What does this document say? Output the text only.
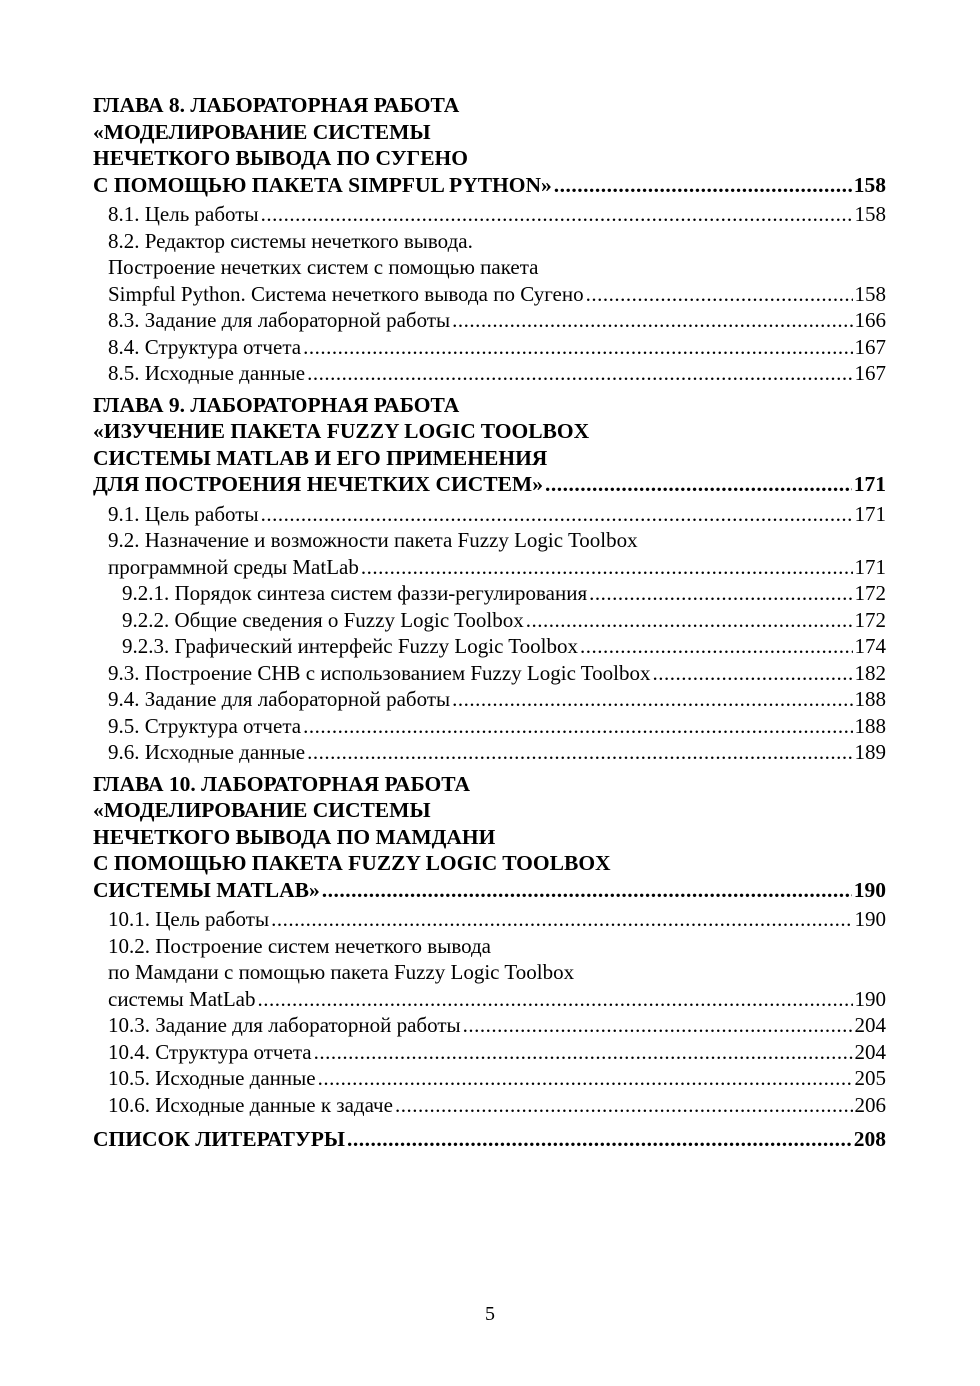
ГЛАВА 8. ЛАБОРАТОРНАЯ РАБОТА
«МОДЕЛИРОВАНИЕ СИСТЕМЫ
НЕЧЕТКОГО ВЫВОДА ПО СУГЕНО
С ПОМОЩЬЮ ПАКЕТА SIMPFUL PYTHON» .....	158
8.1. Цель работы .....	158
8.2. Редактор системы нечеткого вывода.
Построение нечетких систем с помощью пакета
Simpful Python. Система нечеткого вывода по Сугено .....	158
8.3. Задание для лабораторной работы .....	166
8.4. Структура отчета .....	167
8.5. Исходные данные .....	167
ГЛАВА 9. ЛАБОРАТОРНАЯ РАБОТА
«ИЗУЧЕНИЕ ПАКЕТА FUZZY LOGIC TOOLBOX
СИСТЕМЫ MATLAB И ЕГО ПРИМЕНЕНИЯ
ДЛЯ ПОСТРОЕНИЯ НЕЧЕТКИХ СИСТЕМ» .....	171
9.1. Цель работы .....	171
9.2. Назначение и возможности пакета Fuzzy Logic Toolbox
программной среды MatLab .....	171
9.2.1. Порядок синтеза систем фаззи-регулирования .....	172
9.2.2. Общие сведения о Fuzzy Logic Toolbox .....	172
9.2.3. Графический интерфейс Fuzzy Logic Toolbox .....	174
9.3. Построение СНВ с использованием Fuzzy Logic Toolbox .....	182
9.4. Задание для лабораторной работы .....	188
9.5. Структура отчета .....	188
9.6. Исходные данные .....	189
ГЛАВА 10. ЛАБОРАТОРНАЯ РАБОТА
«МОДЕЛИРОВАНИЕ СИСТЕМЫ
НЕЧЕТКОГО ВЫВОДА ПО МАМДАНИ
С ПОМОЩЬЮ ПАКЕТА FUZZY LOGIC TOOLBOX
СИСТЕМЫ MATLAB» .....	190
10.1. Цель работы .....	190
10.2. Построение систем нечеткого вывода
по Мамдани с помощью пакета Fuzzy Logic Toolbox
системы MatLab .....	190
10.3. Задание для лабораторной работы .....	204
10.4. Структура отчета .....	204
10.5. Исходные данные .....	205
10.6. Исходные данные к задаче .....	206
СПИСОК ЛИТЕРАТУРЫ .....	208
5
